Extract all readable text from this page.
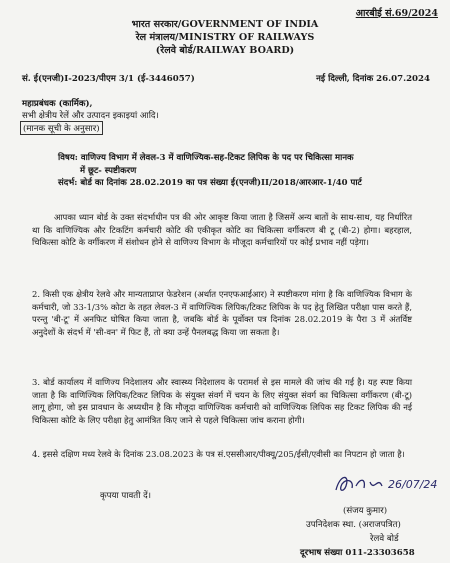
आरबीई सं.69/2024
भारत सरकार/GOVERNMENT OF INDIA
रेल मंत्रालय/MINISTRY OF RAILWAYS
(रेलवे बोर्ड/RAILWAY BOARD)
सं. ई(एनजी)I-2023/पीएम 3/1 (ई-3446057)	नई दिल्ली, दिनांक 26.07.2024
महाप्रबंधक (कार्मिक),
सभी क्षेत्रीय रेलें और उत्पादन इकाइयां आदि।
(मानक सूची के अनुसार)
विषय: वाणिज्य विभाग में लेवल-3 में वाणिज्यिक-सह-टिकट लिपिक के पद पर चिकित्सा मानक
में छूट- स्पष्टीकरण
संदर्भ: बोर्ड का दिनांक 28.02.2019 का पत्र संख्या ई(एनजी)II/2018/आरआर-1/40 पार्ट
आपका ध्यान बोर्ड के उक्त संदर्भाधीन पत्र की ओर आकृष्ट किया जाता है जिसमें अन्य बातों के साथ-साथ, यह निर्धारित था कि वाणिज्यिक और टिकटिंग कर्मचारी कोटि की एकीकृत कोटि का चिकित्सा वर्गीकरण बी टू (बी-2) होगा। बहरहाल, चिकित्सा कोटि के वर्गीकरण में संशोधन होने से वाणिज्य विभाग के मौजूदा कर्मचारियों पर कोई प्रभाव नहीं पड़ेगा।
2. किसी एक क्षेत्रीय रेलवे और मान्यताप्राप्त फेडरेशन (अर्थात एनएफआईआर) ने स्पष्टीकरण मांगा है कि वाणिज्यिक विभाग के कर्मचारी, जो 33-1/3% कोटा के तहत लेवल-3 में वाणिज्यिक लिपिक/टिकट लिपिक के पद हेतु लिखित परीक्षा पास करते हैं, परन्तु 'बी-टू' में अनफिट घोषित किया जाता है, जबकि बोर्ड के पूर्वोक्त पत्र दिनांक 28.02.2019 के पैरा 3 में अंतर्विष्ट अनुदेशों के संदर्भ में 'सी-वन' में फिट हैं, तो क्या उन्हें पैनलबद्ध किया जा सकता है।
3. बोर्ड कार्यालय में वाणिज्य निदेशालय और स्वास्थ्य निदेशालय के परामर्श से इस मामले की जांच की गई है। यह स्पष्ट किया जाता है कि वाणिज्यिक लिपिक/टिकट लिपिक के संयुक्त संवर्ग में चयन के लिए संयुक्त संवर्ग का चिकित्सा वर्गीकरण (बी-टू) लागू होगा, जो इस प्रावधान के अध्यधीन है कि मौजूदा वाणिज्यिक कर्मचारी को वाणिज्यिक लिपिक सह टिकट लिपिक की नई चिकित्सा कोटि के लिए परीक्षा हेतु आमंत्रित किए जाने से पहले चिकित्सा जांच कराना होगी।
4. इससे दक्षिण मध्य रेलवे के दिनांक 23.08.2023 के पत्र सं.एससीआर/पीक्यू/205/ईसी/एवीसी का निपटान हो जाता है।
कृपया पावती दें।
26/07/24
(संजय कुमार)
उपनिदेशक स्था. (अराजपत्रित)
रेलवे बोर्ड
दूरभाष संख्या 011-23303658
